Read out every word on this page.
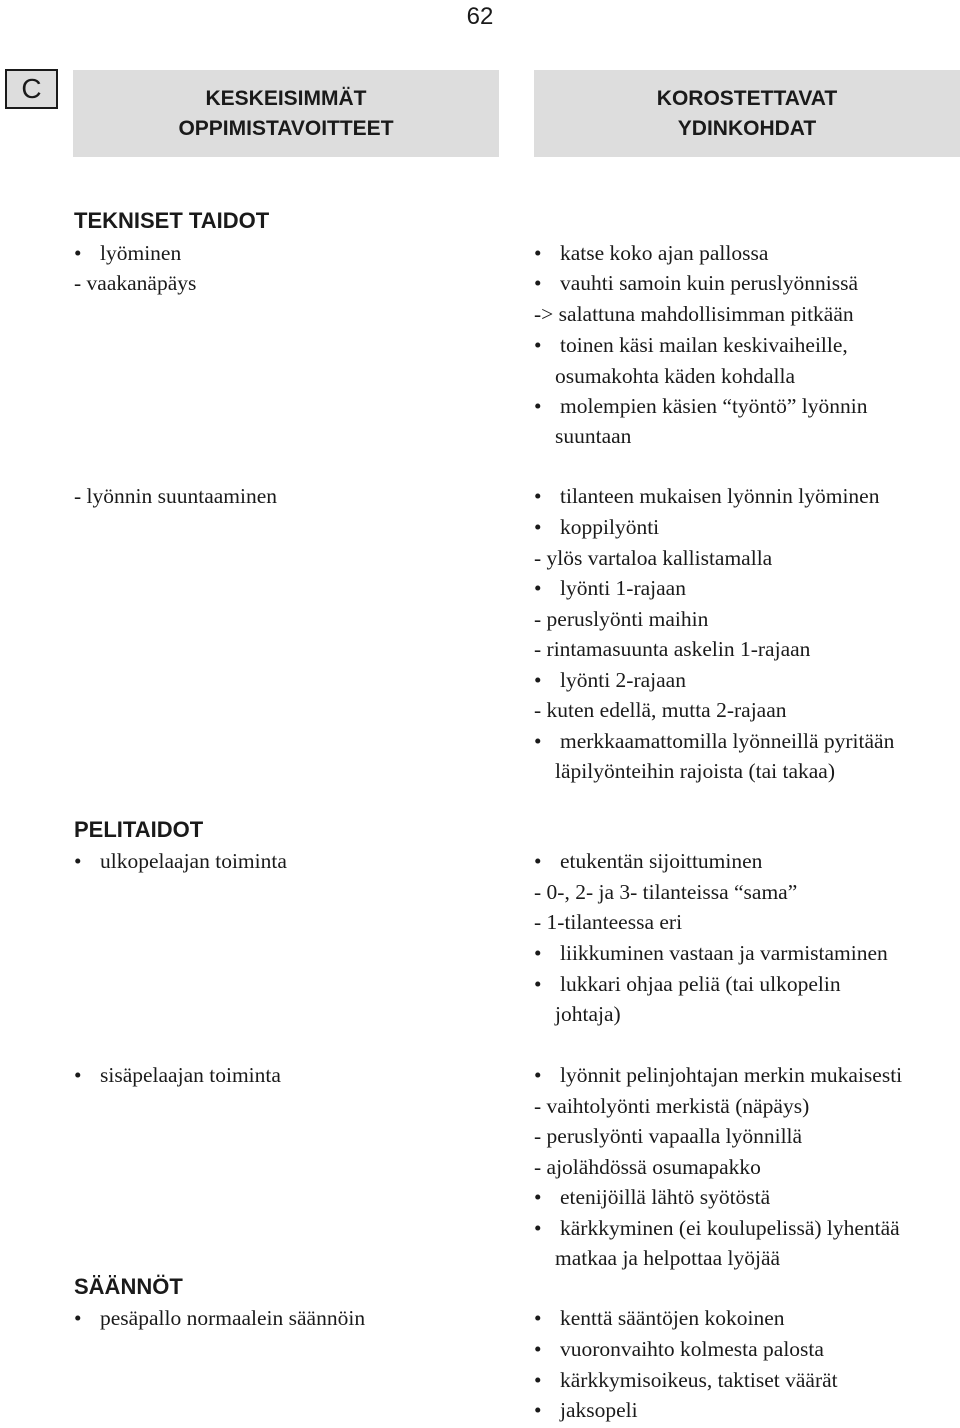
62
C	KESKEISIMMÄT
OPPIMISTAVOITTEET
KOROSTETTAVAT
YDINKOHDAT
TEKNISET TAIDOT
• lyöminen
- vaakanäpäys
- lyönnin suuntaaminen
PELITAIDOT
• ulkopelaajan toiminta
• sisäpelaajan toiminta
SÄÄNNÖT
• pesäpallo normaalein säännöin
• katse koko ajan pallossa
• vauhti samoin kuin peruslyönnissä
-> salattuna mahdollisimman pitkään
• toinen käsi mailan keskivaiheille,
osumakohta käden kohdalla
• molempien käsien “työntö” lyönnin
suuntaan
• tilanteen mukaisen lyönnin lyöminen
• koppilyönti
- ylös vartaloa kallistamalla
• lyönti 1-rajaan
- peruslyönti maihin
- rintamasuunta askelin 1-rajaan
• lyönti 2-rajaan
- kuten edellä, mutta 2-rajaan
• merkkaamattomilla lyönneillä pyritään
läpilyönteihin rajoista (tai takaa)
• etukentän sijoittuminen
- 0-, 2- ja 3- tilanteissa “sama”
- 1-tilanteessa eri
• liikkuminen vastaan ja varmistaminen
• lukkari ohjaa peliä (tai ulkopelin
johtaja)
• lyönnit pelinjohtajan merkin mukaisesti
- vaihtolyönti merkistä (näpäys)
- peruslyönti vapaalla lyönnillä
- ajolähdössä osumapakko
• etenijöillä lähtö syötöstä
• kärkkyminen (ei koulupelissä) lyhentää
matkaa ja helpottaa lyöjää
• kenttä sääntöjen kokoinen
• vuoronvaihto kolmesta palosta
• kärkkymisoikeus, taktiset väärät
• jaksopeli
